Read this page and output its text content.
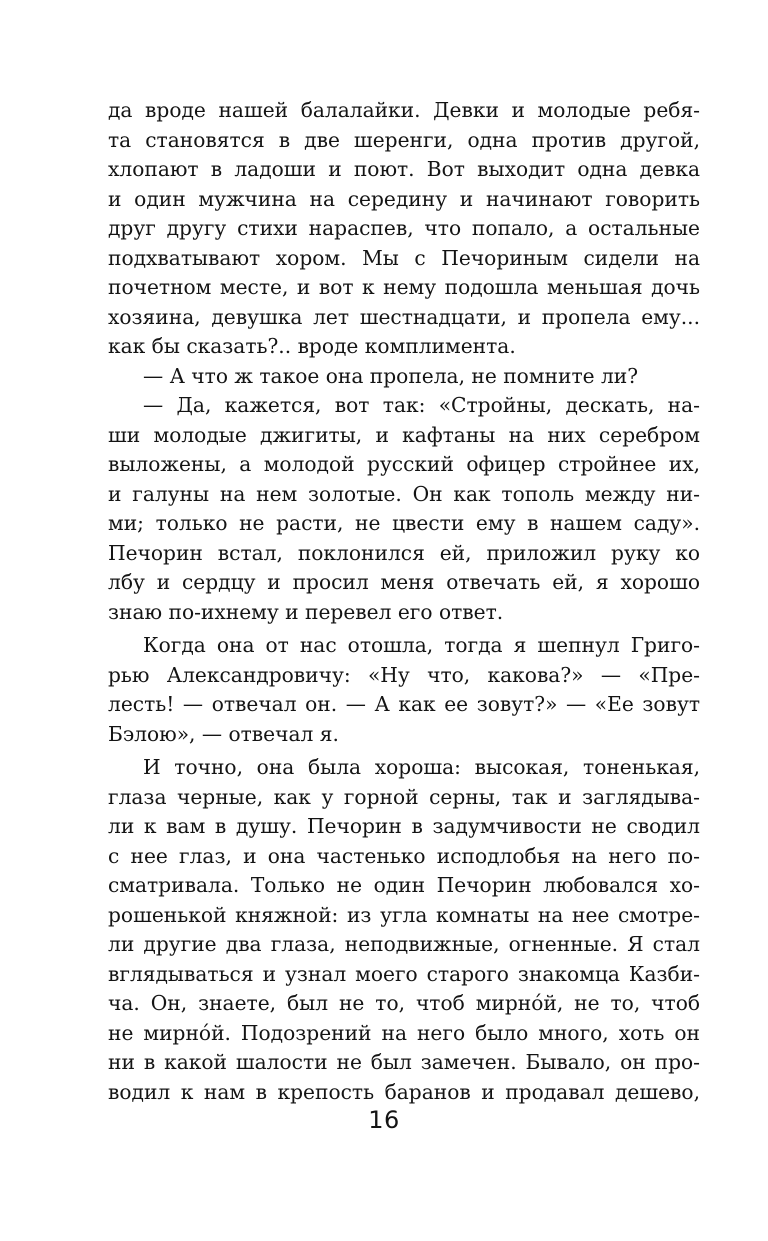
да вроде нашей балалайки. Девки и молодые ребя-
та становятся в две шеренги, одна против другой,
хлопают в ладоши и поют. Вот выходит одна девка
и один мужчина на середину и начинают говорить
друг другу стихи нараспев, что попало, а остальные
подхватывают хором. Мы с Печориным сидели на
почетном месте, и вот к нему подошла меньшая дочь
хозяина, девушка лет шестнадцати, и пропела ему...
как бы сказать?.. вроде комплимента.
— А что ж такое она пропела, не помните ли?
— Да, кажется, вот так: «Стройны, дескать, на-
ши молодые джигиты, и кафтаны на них серебром
выложены, а молодой русский офицер стройнее их,
и галуны на нем золотые. Он как тополь между ни-
ми; только не расти, не цвести ему в нашем саду».
Печорин встал, поклонился ей, приложил руку ко
лбу и сердцу и просил меня отвечать ей, я хорошо
знаю по-ихнему и перевел его ответ.
Когда она от нас отошла, тогда я шепнул Григо-
рью Александровичу: «Ну что, какова?» — «Пре-
лесть! — отвечал он. — А как ее зовут?» — «Ее зовут
Бэлою», — отвечал я.
И точно, она была хороша: высокая, тоненькая,
глаза черные, как у горной серны, так и заглядыва-
ли к вам в душу. Печорин в задумчивости не сводил
с нее глаз, и она частенько исподлобья на него по-
сматривала. Только не один Печорин любовался хо-
рошенькой княжной: из угла комнаты на нее смотре-
ли другие два глаза, неподвижные, огненные. Я стал
вглядываться и узнал моего старого знакомца Казби-
ча. Он, знаете, был не то, чтоб мирнóй, не то, чтоб
не мирнóй. Подозрений на него было много, хоть он
ни в какой шалости не был замечен. Бывало, он про-
водил к нам в крепость баранов и продавал дешево,
16
